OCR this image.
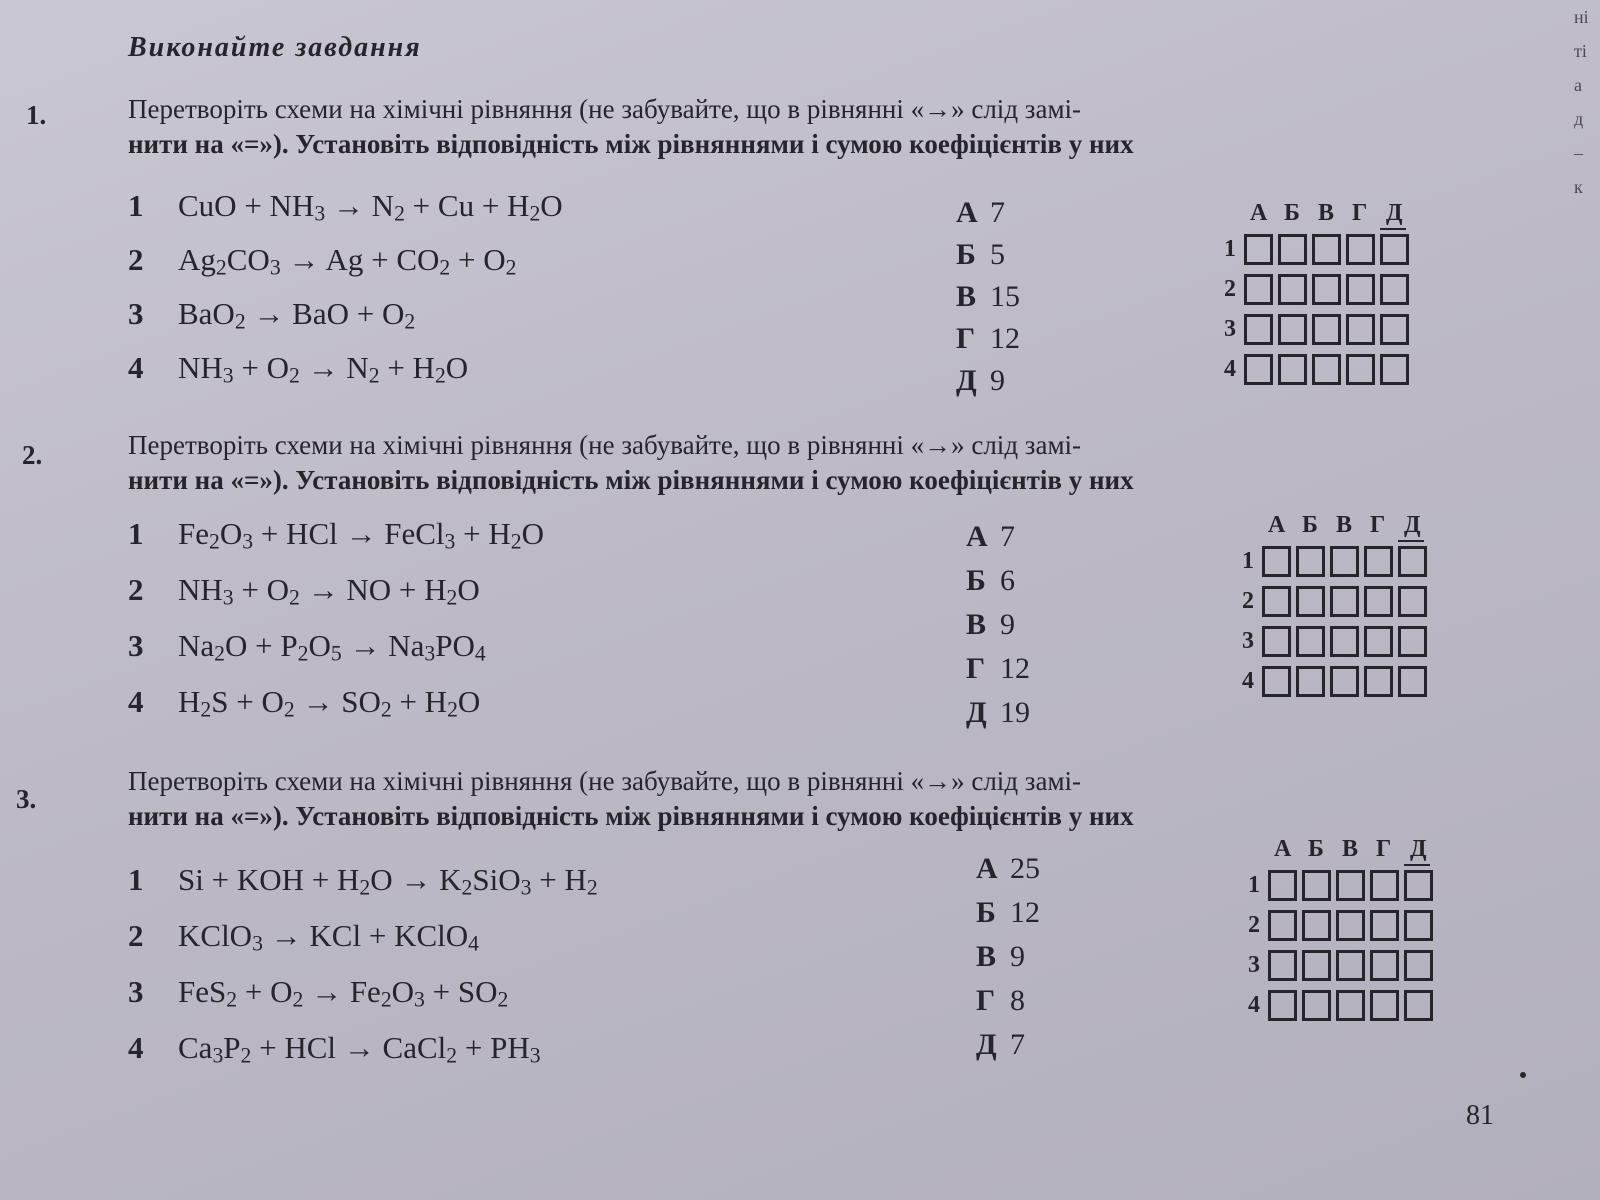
Виконайте завдання
1.	Перетворіть схеми на хімічні рівняння (не забувайте, що в рівнянні «→» слід замі-
нити на «=»). Установіть відповідність між рівняннями і сумою коефіцієнтів у них
1 CuO + $NH_3 \to N_2 + Cu + H_2O$
2 $Ag_2CO_3 \to Ag + CO_2 + O_2$
3 BaO$_2$ → BaO + $O_2$
4 $NH_3 + O_2 \to N_2 + H_2O$
А 7
Б 5
В 15
Г 12
Д 9
А Б В Г Д
1
2
3
4
2.	Перетворіть схеми на хімічні рівняння (не забувайте, що в рівнянні «→» слід замі-
нити на «=»). Установіть відповідність між рівняннями і сумою коефіцієнтів у них
1 $Fe_2O_3$ + HCl → FeCl$_3$ + $H_2O$
2 $NH_3 + O_2$ → NO + $H_2O$
3 $Na_2O + P_2O_5 \to Na_3PO_4$
4 $H_2S + O_2 \to SO_2 + H_2O$
А 7
Б 6
В 9
Г 12
Д 19
А Б В Г Д
1
2
3
4
3.
Перетворіть схеми на хімічні рівняння (не забувайте, що в рівнянні «→» слід замі-
нити на «=»). Установіть відповідність між рівняннями і сумою коефіцієнтів у них
1 Si + KOH + $H_2O \to K_2SiO_3 + H_2$
2 KClO$_3$ → KCl + KClO$_4$
3 $FeS_2 + O_2 \to Fe_2O_3 + SO_2$
4 $Ca_3P_2$ + HCl → CaCl$_2$ + $PH_3$
А 25
Б 12
В 9
Г 8
Д 7
А Б В Г Д
1
2
3
4
81
ні
ті
а
д
–
к
